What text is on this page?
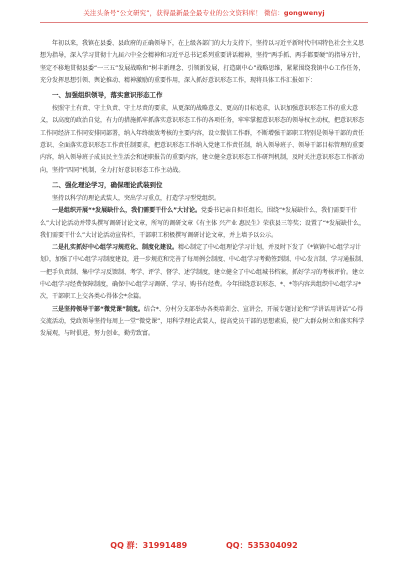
关注头条号“公文研究”，获得最新最全最专业的公文资料库！ 微信：gongwenyj

年初以来，我镇在县委、县政府的正确领导下，在上级各部门的大力支持下，坚持以习近平新时代中国特色社会主义思想为指导，深入学习贯彻十九届六中全会精神和习近平总书记系列重要讲话精神，坚持“两手抓、两手都要硬”的指导方针，坚定不移地贯彻县委“一三五”发展战略和“树丰新理念、引领新发展，打造副中心”战略思维，紧紧围绕我镇中心工作任务，充分发挥思想引领、舆论推动、精神激励的重要作用，深入抓好意识形态工作，现将具体工作汇报如下：

一、加强组织领导，落实意识形态工作

按照守土有责、守土负责、守土尽责的要求，从更深的战略意义、更高的目标追求，认识加强意识形态工作的重大意义，以高度的政治自觉，有力的措施抓牢抓落实意识形态工作的各项任务，牢牢掌握意识形态的领导权主动权，把意识形态工作同经济工作同安排同部署，纳入年终绩效考核的主要内容，设立微信工作群，不断增强干部职工特别是领导干部的责任意识、全面落实意识形态工作责任制要求，把意识形态工作纳入党建工作责任制，纳入领导班子、领导干部目标管理的重要内容，纳入领导班子成员民主生活会和述职报告的重要内容，建立健全意识形态工作研判机制，及时关注意识形态工作新动向，坚持“四同”机制，全力打好意识形态工作主动战。

二、强化理论学习，确保理论武装到位

坚持以科学的理论武装人，突出学习重点，打造学习型党组织。

一是组织开展“*发展缺什么，我们需要干什么”大讨论。党委书记亲自担任组长，围绕“*发展缺什么，我们需要干什么”大讨论活动并带头撰写调研讨论文章，所写的调研文章《有主体 兴产业 惠民生》荣获县三等奖；设置了“*发展缺什么，我们需要干什么”大讨论活动宣传栏，干部职工积极撰写调研讨论文章，并上墙予以公示。

二是扎实抓好中心组学习规范化、制度化建设。精心制定了中心组理论学习计划，并及时下发了《*镇镇中心组学习计划》，加强了中心组学习制度建设，进一步规范和完善了每周例会制度、中心组学习考勤签到制、中心发言制、学习通报制、一把手负责制、集中学习反馈制、考学、评学、督学、述学制度，建立健全了中心组城书档案，抓好学习的考核评价。建立中心组学习经费保障制度，确保中心组学习调研、学习、购书有经费。今年围绕意识形态、*、*等内容共组织中心组学习*次，干部职工上交各类心得体会*余篇。

三是坚持领导干部“微党课”制度。结合*、分村分支部举办各类培训会、宣讲会，开展专题讨论和“学讲话用讲话”心得交流活动，党政领导坚持每周上一堂“微党课”，用科学理论武装人，提高党员干部的思想素质，使广大群众树立和落实科学发展观，与时俱进，努力创业，勤劳致富。

QQ 群：31991489	QQ：535304092
